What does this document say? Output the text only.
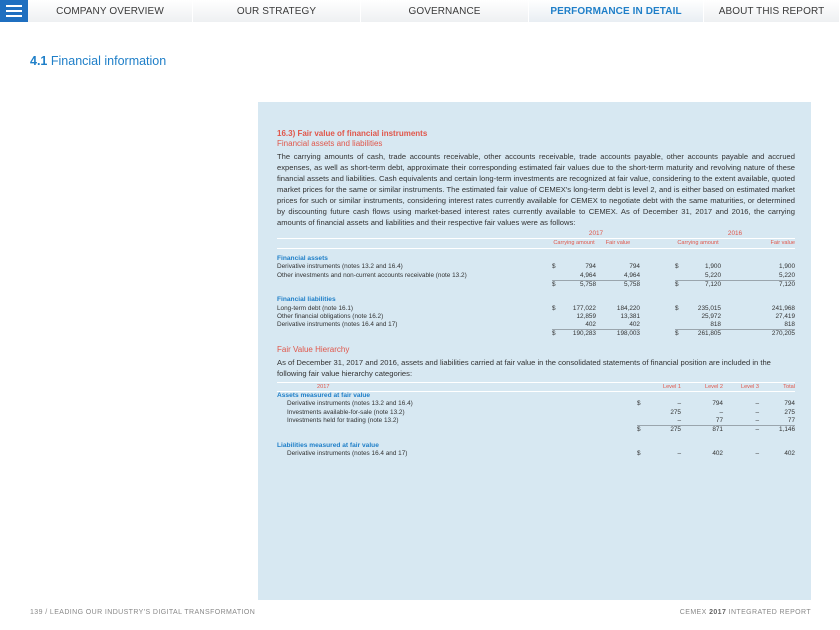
COMPANY OVERVIEW	OUR STRATEGY	GOVERNANCE	PERFORMANCE IN DETAIL	ABOUT THIS REPORT
4.1 Financial information
16.3) Fair value of financial instruments
Financial assets and liabilities
The carrying amounts of cash, trade accounts receivable, other accounts receivable, trade accounts payable, other accounts payable and accrued expenses, as well as short-term debt, approximate their corresponding estimated fair values due to the short-term maturity and revolving nature of these financial assets and liabilities. Cash equivalents and certain long-term investments are recognized at fair value, considering to the extent available, quoted market prices for the same or similar instruments. The estimated fair value of CEMEX's long-term debt is level 2, and is either based on estimated market prices for such or similar instruments, considering interest rates currently available for CEMEX to negotiate debt with the same maturities, or determined by discounting future cash flows using market-based interest rates currently available to CEMEX. As of December 31, 2017 and 2016, the carrying amounts of financial assets and liabilities and their respective fair values were as follows:
	2017				2016		
	Carrying amount		Fair value		Carrying amount		Fair value

Financial assets							
Derivative instruments (notes 13.2 and 16.4)	$	794	794		$	1,900	1,900
Other investments and non-current accounts receivable (note 13.2)		4,964	4,964			5,220	5,220
	$	5,758	5,758		$	7,120	7,120

Financial liabilities							
Long-term debt (note 16.1)	$	177,022	184,220		$	235,015	241,968
Other financial obligations (note 16.2)		12,859	13,381			25,972	27,419
Derivative instruments (notes 16.4 and 17)		402	402			818	818
	$	190,283	198,003		$	261,805	270,205
Fair Value Hierarchy
As of December 31, 2017 and 2016, assets and liabilities carried at fair value in the consolidated statements of financial position are included in the following fair value hierarchy categories:
2017	Level 1		Level 2	Level 3	Total
Assets measured at fair value					
Derivative instruments (notes 13.2 and 16.4)	$	–	794	–	794
Investments available-for-sale (note 13.2)		275	–	–	275
Investments held for trading (note 13.2)		–	77	–	77
	$	275	871	–	1,146

Liabilities measured at fair value					
Derivative instruments (notes 16.4 and 17)	$	–	402	–	402
139 / LEADING OUR INDUSTRY'S DIGITAL TRANSFORMATION	CEMEX 2017 INTEGRATED REPORT
